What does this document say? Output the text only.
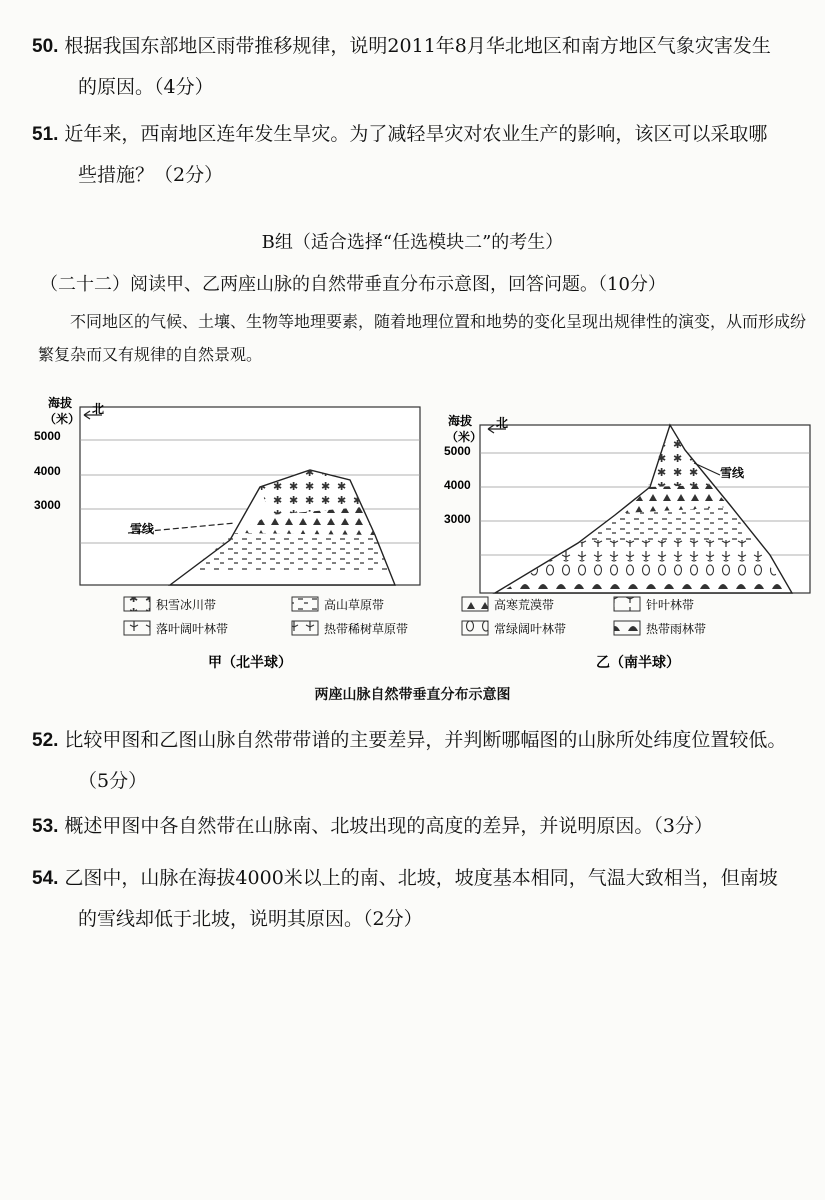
50. 根据我国东部地区雨带推移规律，说明2011年8月华北地区和南方地区气象灾害发生
的原因。（4分）
51. 近年来，西南地区连年发生旱灾。为了减轻旱灾对农业生产的影响，该区可以采取哪
些措施？（2分）
B组（适合选择“任选模块二”的考生）
（二十二）阅读甲、乙两座山脉的自然带垂直分布示意图，回答问题。（10分）
不同地区的气候、土壤、生物等地理要素，随着地理位置和地势的变化呈现出规律性的演变，从而形成纷繁复杂而又有规律的自然景观。
海拔
（米）
5000
4000
3000
北
雪线
海拔
（米）
5000
4000
3000
北
雪线
积雪冰川带
落叶阔叶林带
高山草原带
热带稀树草原带
高寒荒漠带
常绿阔叶林带
针叶林带
热带雨林带
甲（北半球）	乙（南半球）
两座山脉自然带垂直分布示意图
52. 比较甲图和乙图山脉自然带带谱的主要差异，并判断哪幅图的山脉所处纬度位置较低。
（5分）
53. 概述甲图中各自然带在山脉南、北坡出现的高度的差异，并说明原因。（3分）
54. 乙图中，山脉在海拔4000米以上的南、北坡，坡度基本相同，气温大致相当，但南坡
的雪线却低于北坡，说明其原因。（2分）
